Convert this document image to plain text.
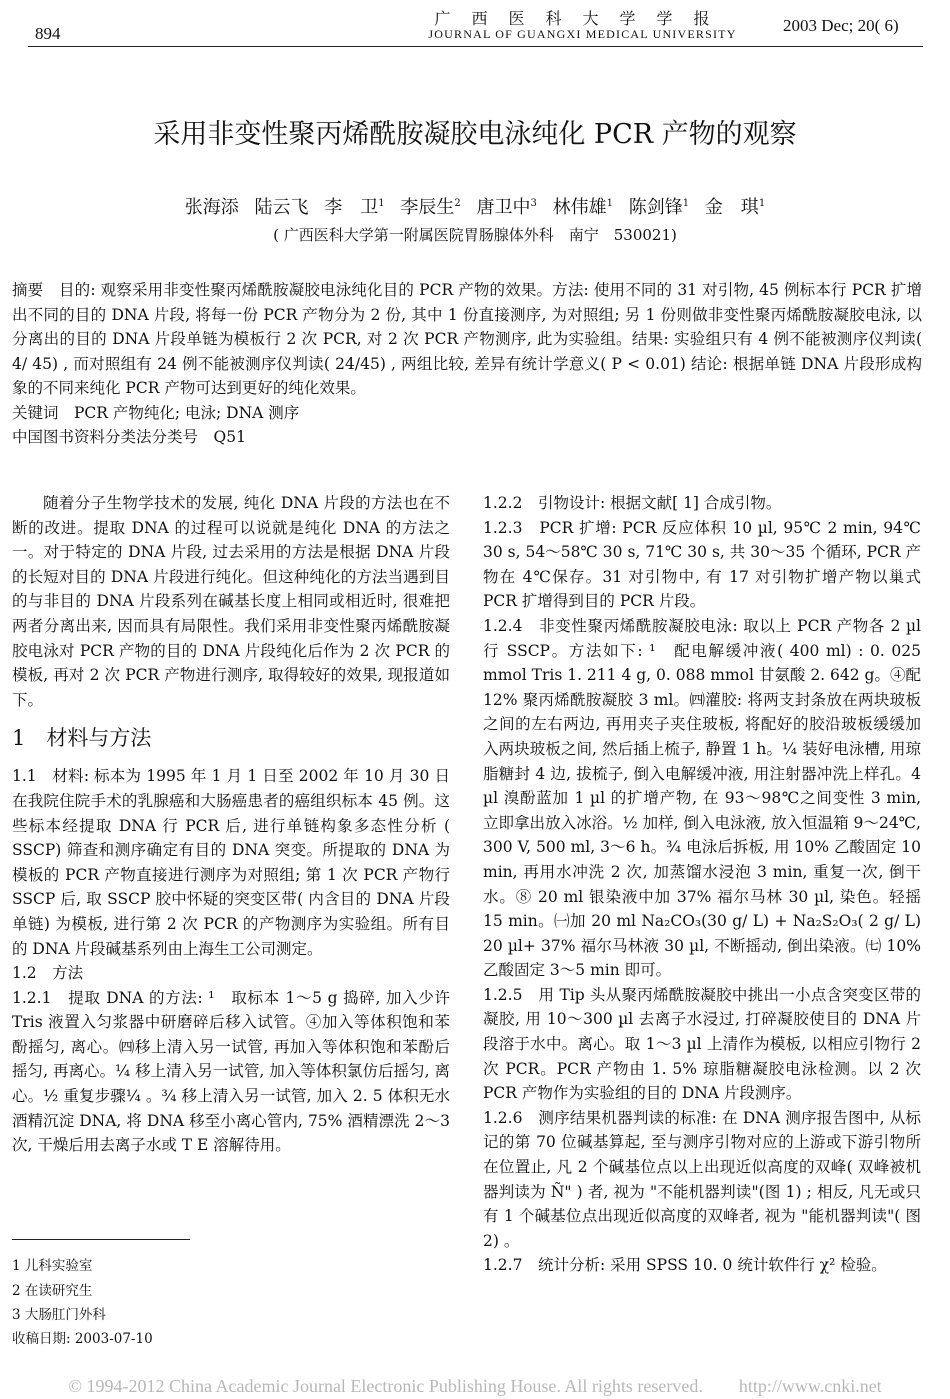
894
广西医科大学学报
JOURNAL OF GUANGXI MEDICAL UNIVERSITY	2003 Dec; 20( 6)
采用非变性聚丙烯酰胺凝胶电泳纯化 PCR 产物的观察
张海添 陆云飞 李　卫$^1$ 李辰生$^2$ 唐卫中$^3$ 林伟雄$^1$ 陈剑锋$^1$ 金　琪$^1$
( 广西医科大学第一附属医院胃肠腺体外科　南宁　530021)
摘要　目的: 观察采用非变性聚丙烯酰胺凝胶电泳纯化目的 PCR 产物的效果。方法: 使用不同的 31 对引物, 45 例标本行 PCR 扩增出不同的目的 DNA 片段, 将每一份 PCR 产物分为 2 份, 其中 1 份直接测序, 为对照组; 另 1 份则做非变性聚丙烯酰胺凝胶电泳, 以分离出的目的 DNA 片段单链为模板行 2 次 PCR, 对 2 次 PCR 产物测序, 此为实验组。结果: 实验组只有 4 例不能被测序仪判读( 4/ 45) , 而对照组有 24 例不能被测序仪判读( 24/45) , 两组比较, 差异有统计学意义( P < 0.01) 结论: 根据单链 DNA 片段形成构象的不同来纯化 PCR 产物可达到更好的纯化效果。
关键词　PCR 产物纯化; 电泳; DNA 测序
中国图书资料分类法分类号　Q51

随着分子生物学技术的发展, 纯化 DNA 片段的方法也在不断的改进。提取 DNA 的过程可以说就是纯化 DNA 的方法之一。对于特定的 DNA 片段, 过去采用的方法是根据 DNA 片段的长短对目的 DNA 片段进行纯化。但这种纯化的方法当遇到目的与非目的 DNA 片段系列在碱基长度上相同或相近时, 很难把两者分离出来, 因而具有局限性。我们采用非变性聚丙烯酰胺凝胶电泳对 PCR 产物的目的 DNA 片段纯化后作为 2 次 PCR 的模板, 再对 2 次 PCR 产物进行测序, 取得较好的效果, 现报道如下。

1　材料与方法

1.1　材料: 标本为 1995 年 1 月 1 日至 2002 年 10 月 30 日在我院住院手术的乳腺癌和大肠癌患者的癌组织标本 45 例。这些标本经提取 DNA 行 PCR 后, 进行单链构象多态性分析 ( SSCP) 筛查和测序确定有目的 DNA 突变。所提取的 DNA 为模板的 PCR 产物直接进行测序为对照组; 第 1 次 PCR 产物行 SSCP 后, 取 SSCP 胶中怀疑的突变区带( 内含目的 DNA 片段单链) 为模板, 进行第 2 次 PCR 的产物测序为实验组。所有目的 DNA 片段碱基系列由上海生工公司测定。

1.2　方法

1.2.1　提取 DNA 的方法: ¹　取标本 1～5 g 捣碎, 加入少许 Tris 液置入匀浆器中研磨碎后移入试管。④加入等体积饱和苯酚摇匀, 离心。㈣移上清入另一试管, 再加入等体积饱和苯酚后摇匀, 再离心。¼ 移上清入另一试管, 加入等体积氯仿后摇匀, 离心。½ 重复步骤¼ 。¾ 移上清入另一试管, 加入 2. 5 体积无水酒精沉淀 DNA, 将 DNA 移至小离心管内, 75% 酒精漂洗 2～3 次, 干燥后用去离子水或 T E 溶解待用。

1.2.2　引物设计: 根据文献[ 1] 合成引物。

1.2.3　PCR 扩增: PCR 反应体积 10 µl, 95℃ 2 min, 94℃ 30 s, 54～58℃ 30 s, 71℃ 30 s, 共 30～35 个循环, PCR 产物在 4℃保存。31 对引物中, 有 17 对引物扩增产物以巢式 PCR 扩增得到目的 PCR 片段。

1.2.4　非变性聚丙烯酰胺凝胶电泳: 取以上 PCR 产物各 2 µl 行 SSCP。方法如下: ¹　配电解缓冲液( 400 ml) : 0. 025 mmol Tris 1. 211 4 g, 0. 088 mmol 甘氨酸 2. 642 g。④配 12% 聚丙烯酰胺凝胶 3 ml。㈣灌胶: 将两支封条放在两块玻板之间的左右两边, 再用夹子夹住玻板, 将配好的胶沿玻板缓缓加入两块玻板之间, 然后插上梳子, 静置 1 h。¼ 装好电泳槽, 用琼脂糖封 4 边, 拔梳子, 倒入电解缓冲液, 用注射器冲洗上样孔。4 µl 溴酚蓝加 1 µl 的扩增产物, 在 93～98℃之间变性 3 min, 立即拿出放入冰浴。½ 加样, 倒入电泳液, 放入恒温箱 9～24℃, 300 V, 500 ml, 3～6 h。¾ 电泳后拆板, 用 10% 乙酸固定 10 min, 再用水冲洗 2 次, 加蒸馏水浸泡 3 min, 重复一次, 倒干水。⑧ 20 ml 银染液中加 37% 福尔马林 30 µl, 染色。轻摇 15 min。㈠加 20 ml Na₂CO₃(30 g/ L) + Na₂S₂O₃( 2 g/ L) 20 µl+ 37% 福尔马林液 30 µl, 不断摇动, 倒出染液。㈦ 10% 乙酸固定 3～5 min 即可。

1.2.5　用 Tip 头从聚丙烯酰胺凝胶中挑出一小点含突变区带的凝胶, 用 10～300 µl 去离子水浸过, 打碎凝胶使目的 DNA 片段溶于水中。离心。取 1～3 µl 上清作为模板, 以相应引物行 2 次 PCR。PCR 产物由 1. 5% 琼脂糖凝胶电泳检测。以 2 次 PCR 产物作为实验组的目的 DNA 片段测序。

1.2.6　测序结果机器判读的标准: 在 DNA 测序报告图中, 从标记的第 70 位碱基算起, 至与测序引物对应的上游或下游引物所在位置止, 凡 2 个碱基位点以上出现近似高度的双峰( 双峰被机器判读为 Ñ" ) 者, 视为 "不能机器判读"(图 1) ; 相反, 凡无或只有 1 个碱基位点出现近似高度的双峰者, 视为 "能机器判读"( 图 2) 。

1.2.7　统计分析: 采用 SPSS 10. 0 统计软件行 χ² 检验。

1 儿科实验室
2 在读研究生
3 大肠肛门外科
收稿日期: 2003-07-10
© 1994-2012 China Academic Journal Electronic Publishing House. All rights reserved.　　http://www.cnki.net
